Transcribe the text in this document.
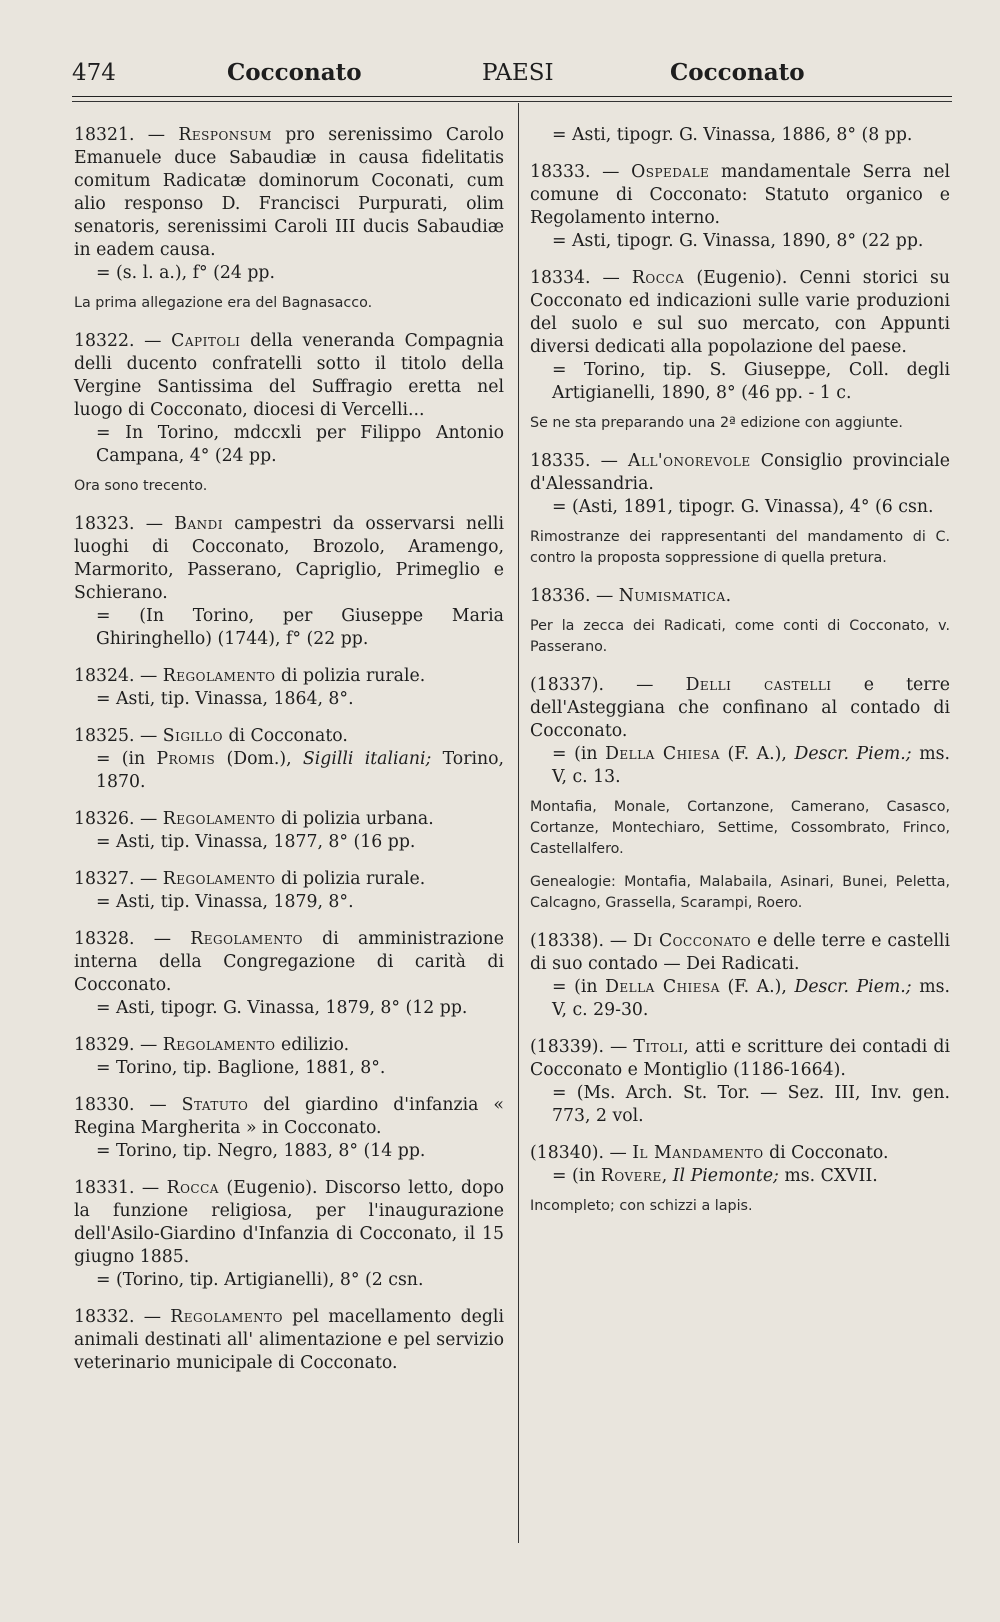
474	Cocconato	PAESI	Cocconato

18321. — Responsum pro serenissimo Carolo Emanuele duce Sabaudiæ in causa fidelitatis comitum Radicatæ dominorum Coconati, cum alio responso D. Francisci Purpurati, olim senatoris, serenissimi Caroli III ducis Sabaudiæ in eadem causa.

= (s. l. a.), f° (24 pp.

La prima allegazione era del Bagnasacco.

18322. — Capitoli della veneranda Compagnia delli ducento confratelli sotto il titolo della Vergine Santissima del Suffragio eretta nel luogo di Cocconato, diocesi di Vercelli...

= In Torino, mdccxli per Filippo Antonio Campana, 4° (24 pp.

Ora sono trecento.

18323. — Bandi campestri da osservarsi nelli luoghi di Cocconato, Brozolo, Aramengo, Marmorito, Passerano, Capriglio, Primeglio e Schierano.

= (In Torino, per Giuseppe Maria Ghiringhello) (1744), f° (22 pp.

18324. — Regolamento di polizia rurale.

= Asti, tip. Vinassa, 1864, 8°.

18325. — Sigillo di Cocconato.

= (in Promis (Dom.), Sigilli italiani; Torino, 1870.

18326. — Regolamento di polizia urbana.

= Asti, tip. Vinassa, 1877, 8° (16 pp.

18327. — Regolamento di polizia rurale.

= Asti, tip. Vinassa, 1879, 8°.

18328. — Regolamento di amministrazione interna della Congregazione di carità di Cocconato.

= Asti, tipogr. G. Vinassa, 1879, 8° (12 pp.

18329. — Regolamento edilizio.

= Torino, tip. Baglione, 1881, 8°.

18330. — Statuto del giardino d'infanzia « Regina Margherita » in Cocconato.

= Torino, tip. Negro, 1883, 8° (14 pp.

18331. — Rocca (Eugenio). Discorso letto, dopo la funzione religiosa, per l'inaugurazione dell'Asilo-Giardino d'Infanzia di Cocconato, il 15 giugno 1885.

= (Torino, tip. Artigianelli), 8° (2 csn.

18332. — Regolamento pel macellamento degli animali destinati all' alimentazione e pel servizio veterinario municipale di Cocconato.

= Asti, tipogr. G. Vinassa, 1886, 8° (8 pp.

18333. — Ospedale mandamentale Serra nel comune di Cocconato: Statuto organico e Regolamento interno.

= Asti, tipogr. G. Vinassa, 1890, 8° (22 pp.

18334. — Rocca (Eugenio). Cenni storici su Cocconato ed indicazioni sulle varie produzioni del suolo e sul suo mercato, con Appunti diversi dedicati alla popolazione del paese.

= Torino, tip. S. Giuseppe, Coll. degli Artigianelli, 1890, 8° (46 pp. - 1 c.

Se ne sta preparando una 2ª edizione con aggiunte.

18335. — All'onorevole Consiglio provinciale d'Alessandria.

= (Asti, 1891, tipogr. G. Vinassa), 4° (6 csn.

Rimostranze dei rappresentanti del mandamento di C. contro la proposta soppressione di quella pretura.

18336. — Numismatica.

Per la zecca dei Radicati, come conti di Cocconato, v. Passerano.

(18337). — Delli castelli e terre dell'Asteggiana che confinano al contado di Cocconato.

= (in Della Chiesa (F. A.), Descr. Piem.; ms. V, c. 13.

Montafia, Monale, Cortanzone, Camerano, Casasco, Cortanze, Montechiaro, Settime, Cossombrato, Frinco, Castellalfero.
Genealogie: Montafia, Malabaila, Asinari, Bunei, Peletta, Calcagno, Grassella, Scarampi, Roero.

(18338). — Di Cocconato e delle terre e castelli di suo contado — Dei Radicati.

= (in Della Chiesa (F. A.), Descr. Piem.; ms. V, c. 29-30.

(18339). — Titoli, atti e scritture dei contadi di Cocconato e Montiglio (1186-1664).

= (Ms. Arch. St. Tor. — Sez. III, Inv. gen. 773, 2 vol.

(18340). — Il Mandamento di Cocconato.

= (in Rovere, Il Piemonte; ms. CXVII.

Incompleto; con schizzi a lapis.
